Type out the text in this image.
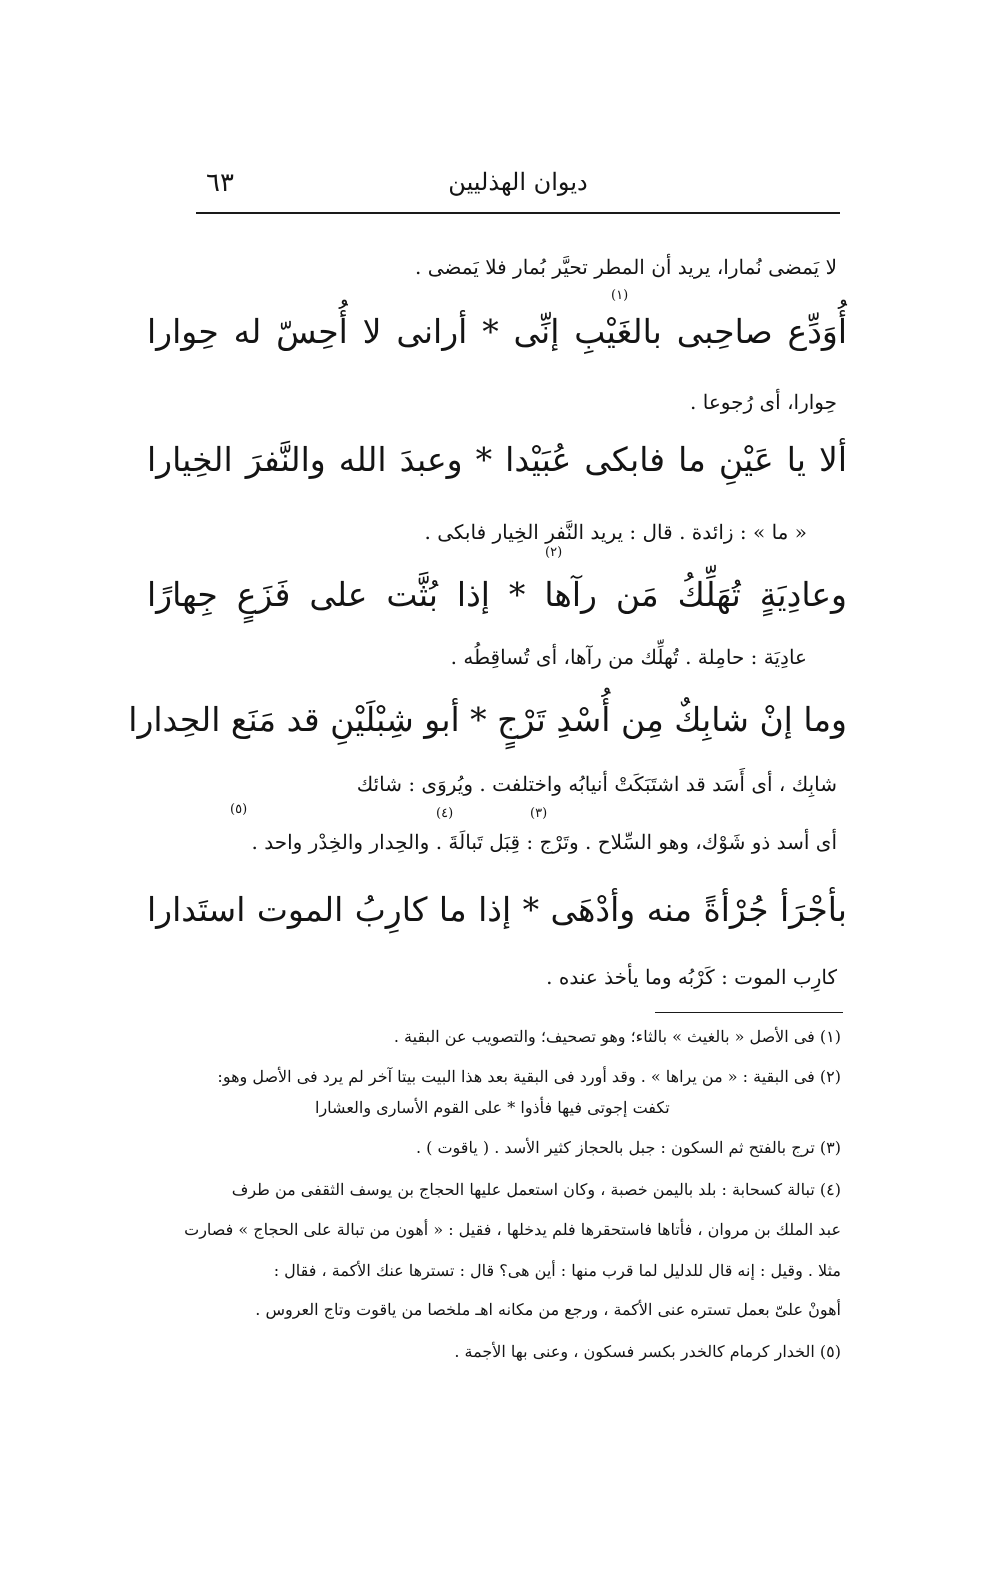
٦٣	ديوان الهذليين
لا يَمضى نُمارا، يريد أن المطر تحيَّر بُمار فلا يَمضى .
أُوَدِّع صاحِبى بالغَيْبِ إنِّى * أرانى لا أُحِسّ له حِوارا
حِوارا، أى رُجوعا .
ألا يا عَيْنِ ما فابكى عُبَيْدا * وعبدَ الله والنَّفرَ الخِيارا
« ما » : زائدة . قال : يريد النَّفر الخِيار فابكى .
وعادِيَةٍ تُهَلِّكُ مَن رآها * إذا بُثَّت على فَزَعٍ جِهارًا
عادِيَة : حامِلة . تُهلِّك من رآها، أى تُساقِطُه .
وما إنْ شابِكٌ مِن أُسْدِ تَرْجٍ * أبو شِبْلَيْنِ قد مَنَع الحِدارا
شابِك ، أى أَسَد قد اشتَبَكَتْ أنيابُه واختلفت . ويُروَى : شائك
أى أسد ذو شَوْك، وهو السِّلاح . وتَرْج : قِبَل تَبالَةَ . والحِدار والخِدْر واحد .
بأجْرَأ جُرْأةً منه وأدْهَى * إذا ما كارِبُ الموت استَدارا
كارِب الموت : كَرْبُه وما يأخذ عنده .
(١)
(٢)
(٣)
(٤)
(٥)
(١) فى الأصل « بالغيث » بالثاء؛ وهو تصحيف؛ والتصويب عن البقية .
(٢) فى البقية : « من يراها » . وقد أورد فى البقية بعد هذا البيت بيتا آخر لم يرد فى الأصل وهو:
تكفت إجوتى فيها فأذوا * على القوم الأسارى والعشارا
(٣) ترج بالفتح ثم السكون : جبل بالحجاز كثير الأسد . ( ياقوت ) .
(٤) تبالة كسحابة : بلد باليمن خصبة ، وكان استعمل عليها الحجاج بن يوسف الثقفى من طرف
عبد الملك بن مروان ، فأتاها فاستحقرها فلم يدخلها ، فقيل : « أهون من تبالة على الحجاج » فصارت
مثلا . وقيل : إنه قال للدليل لما قرب منها : أين هى؟ قال : تسترها عنك الأكمة ، فقال :
أهونْ علىّ بعمل تستره عنى الأكمة ، ورجع من مكانه اهـ ملخصا من ياقوت وتاج العروس .
(٥) الخدار كرمام كالخدر بكسر فسكون ، وعنى بها الأجمة .
